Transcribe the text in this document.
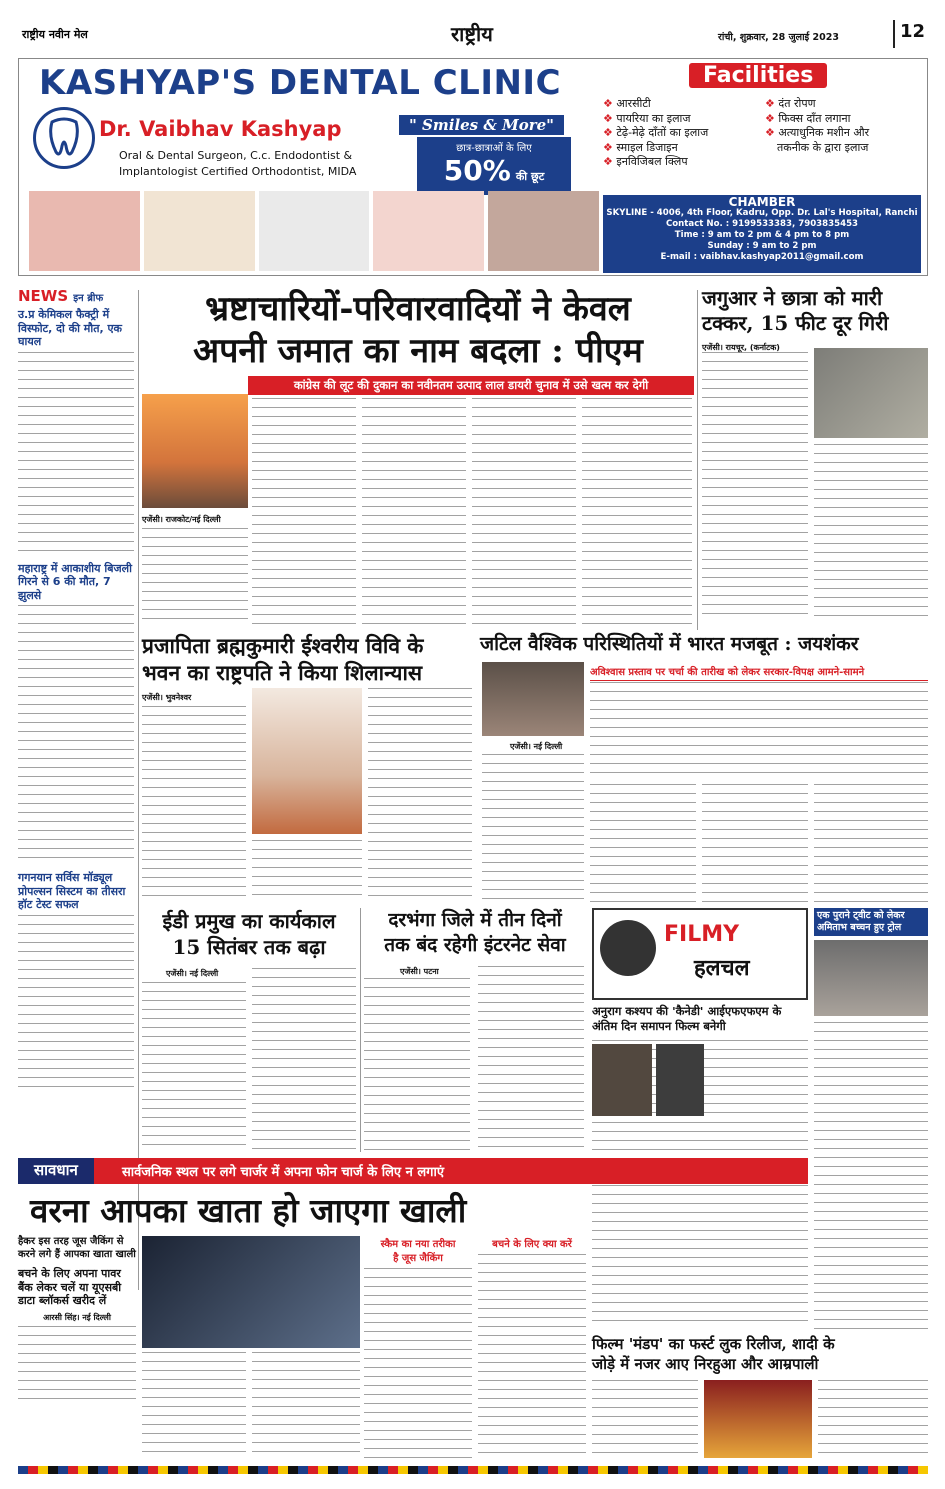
राष्ट्रीय नवीन मेल	राष्ट्रीय	रांची, शुक्रवार, 28 जुलाई 2023	12
KASHYAP'S DENTAL CLINIC
Dr. Vaibhav Kashyap	" Smiles & More"
Oral & Dental Surgeon, C.c. Endodontist &
Implantologist Certified Orthodontist, MIDA
छात्र-छात्राओं के लिए
50% की छूट
Facilities
❖ आरसीटी
❖ पायरिया का इलाज
❖ टेढ़े-मेढ़े दाँतों का इलाज
❖ स्माइल डिजाइन
❖ इनविजिबल क्लिप
❖ दंत रोपण
❖ फिक्स दाँत लगाना
❖ अत्याधुनिक मशीन और
तकनीक के द्वारा इलाज
CHAMBER
SKYLINE - 4006, 4th Floor, Kadru, Opp. Dr. Lal's Hospital, Ranchi
Contact No. : 9199533383, 7903835453
Time : 9 am to 2 pm & 4 pm to 8 pm
Sunday : 9 am to 2 pm
E-mail : vaibhav.kashyap2011@gmail.com
NEWS इन ब्रीफ
उ.प्र केमिकल फैक्ट्री में विस्फोट, दो की मौत, एक घायल
महाराष्ट्र में आकाशीय बिजली गिरने से 6 की मौत, 7 झुलसे
गगनयान सर्विस मॉड्यूल प्रोपल्सन सिस्टम का तीसरा हॉट टेस्ट सफल
भ्रष्टाचारियों-परिवारवादियों ने केवल
अपनी जमात का नाम बदला : पीएम
कांग्रेस की लूट की दुकान का नवीनतम उत्पाद लाल डायरी चुनाव में उसे खत्म कर देगी
एजेंसी। राजकोट/नई दिल्ली
जगुआर ने छात्रा को मारी टक्कर, 15 फीट दूर गिरी
एजेंसी। रायचूर, (कर्नाटक)
प्रजापिता ब्रह्मकुमारी ईश्वरीय विवि के
भवन का राष्ट्रपति ने किया शिलान्यास
एजेंसी। भुवनेश्वर
जटिल वैश्विक परिस्थितियों में भारत मजबूत : जयशंकर
एजेंसी। नई दिल्ली
अविश्वास प्रस्ताव पर चर्चा की तारीख को लेकर सरकार-विपक्ष आमने-सामने
ईडी प्रमुख का कार्यकाल
15 सितंबर तक बढ़ा
एजेंसी। नई दिल्ली
दरभंगा जिले में तीन दिनों
तक बंद रहेगी इंटरनेट सेवा
एजेंसी। पटना
FILMY
हलचल
एक पुराने ट्वीट को लेकर अमिताभ बच्चन हुए ट्रोल
अनुराग कश्यप की 'कैनेडी' आईएफएफएम के अंतिम दिन समापन फिल्म बनेगी
सावधान	सार्वजनिक स्थल पर लगे चार्जर में अपना फोन चार्ज के लिए न लगाएं
वरना आपका खाता हो जाएगा खाली
हैकर इस तरह जूस जैकिंग से करने लगे हैं आपका खाता खाली
बचने के लिए अपना पावर बैंक लेकर चलें या यूएसबी डाटा ब्लॉकर्स खरीद लें
आरसी सिंह। नई दिल्ली
स्कैम का नया तरीका
है जूस जैकिंग
बचने के लिए क्या करें
फिल्म 'मंडप' का फर्स्ट लुक रिलीज, शादी के
जोड़े में नजर आए निरहुआ और आम्रपाली
